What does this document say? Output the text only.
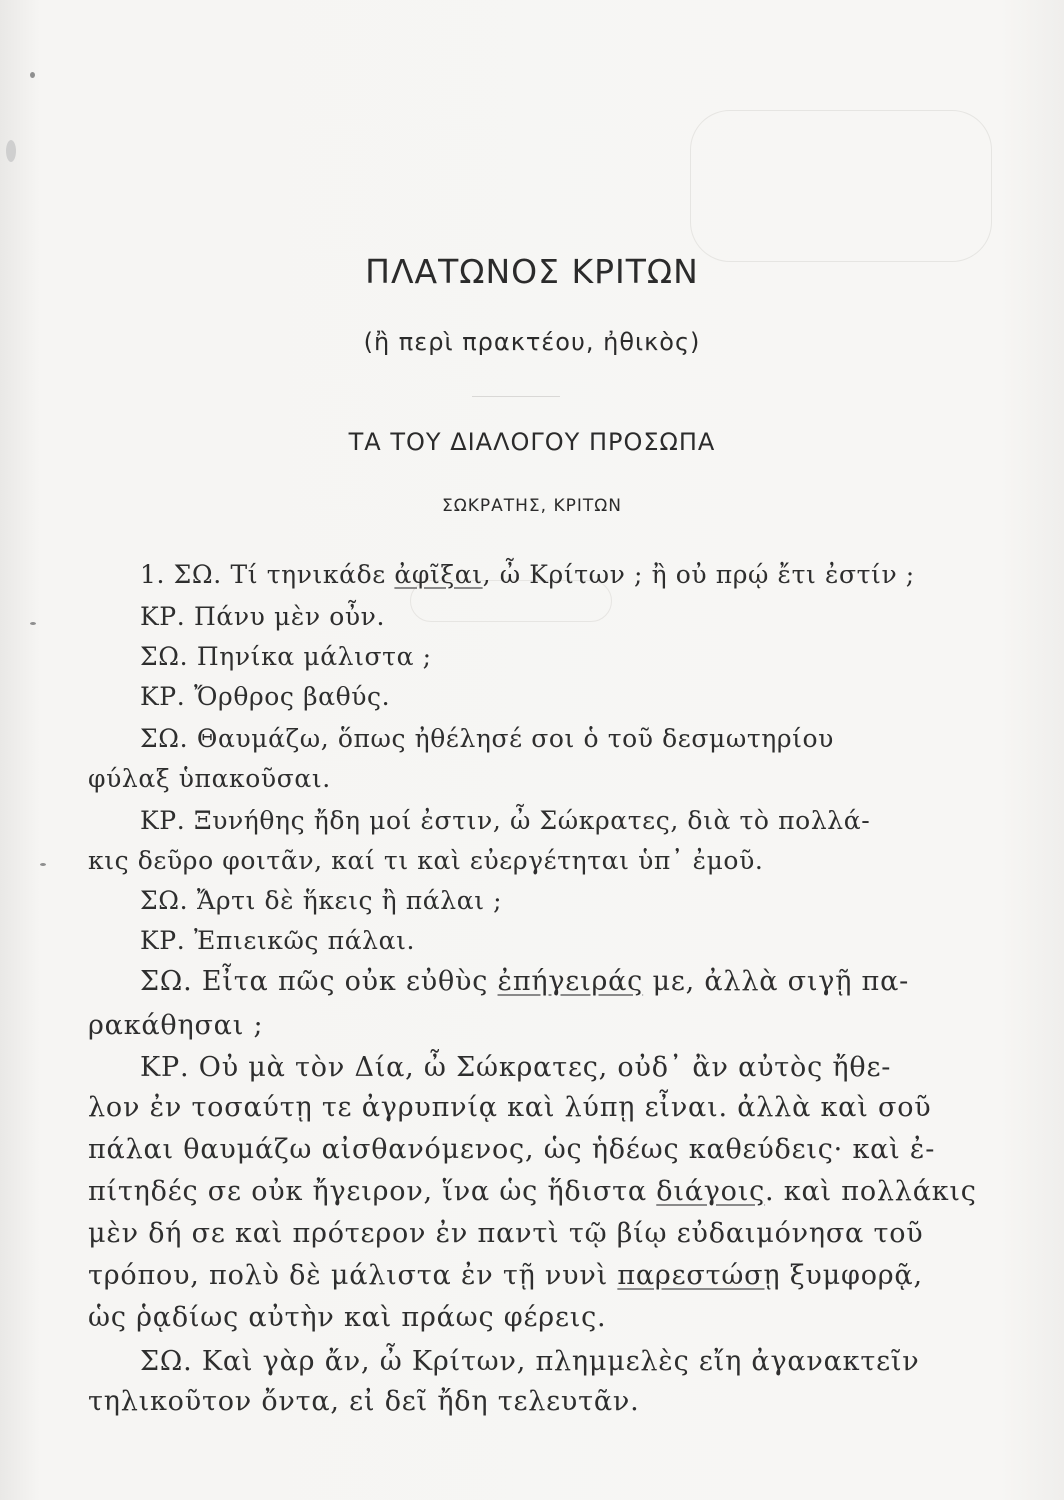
ΠΛΑΤΩΝΟΣ ΚΡΙΤΩΝ
(ἢ περὶ πρακτέου, ἠθικὸς)
ΤΑ ΤΟΥ ΔΙΑΛΟΓΟΥ ΠΡΟΣΩΠΑ
ΣΩΚΡΑΤΗΣ, ΚΡΙΤΩΝ
1. ΣΩ. Τί τηνικάδε ἀφῖξαι, ὦ Κρίτων ; ἢ οὐ πρῴ ἔτι ἐστίν ;
ΚΡ. Πάνυ μὲν οὖν.
ΣΩ. Πηνίκα μάλιστα ;
ΚΡ. Ὄρθρος βαθύς.
ΣΩ. Θαυμάζω, ὅπως ἠθέλησέ σοι ὁ τοῦ δεσμωτηρίου
φύλαξ ὑπακοῦσαι.
ΚΡ. Ξυνήθης ἤδη μοί ἐστιν, ὦ Σώκρατες, διὰ τὸ πολλά-
κις δεῦρο φοιτᾶν, καί τι καὶ εὐεργέτηται ὑπ᾽ ἐμοῦ.
ΣΩ. Ἄρτι δὲ ἥκεις ἢ πάλαι ;
ΚΡ. Ἐπιεικῶς πάλαι.
ΣΩ. Εἶτα πῶς οὐκ εὐθὺς ἐπήγειράς με, ἀλλὰ σιγῇ πα-
ρακάθησαι ;
ΚΡ. Οὐ μὰ τὸν Δία, ὦ Σώκρατες, οὐδ᾽ ἂν αὐτὸς ἤθε-
λον ἐν τοσαύτῃ τε ἀγρυπνίᾳ καὶ λύπῃ εἶναι. ἀλλὰ καὶ σοῦ
πάλαι θαυμάζω αἰσθανόμενος, ὡς ἡδέως καθεύδεις· καὶ ἐ-
πίτηδές σε οὐκ ἤγειρον, ἵνα ὡς ἥδιστα διάγοις. καὶ πολλάκις
μὲν δή σε καὶ πρότερον ἐν παντὶ τῷ βίῳ εὐδαιμόνησα τοῦ
τρόπου, πολὺ δὲ μάλιστα ἐν τῇ νυνὶ παρεστώσῃ ξυμφορᾷ,
ὡς ῥᾳδίως αὐτὴν καὶ πράως φέρεις.
ΣΩ. Καὶ γὰρ ἄν, ὦ Κρίτων, πλημμελὲς εἴη ἀγανακτεῖν
τηλικοῦτον ὄντα, εἰ δεῖ ἤδη τελευτᾶν.
